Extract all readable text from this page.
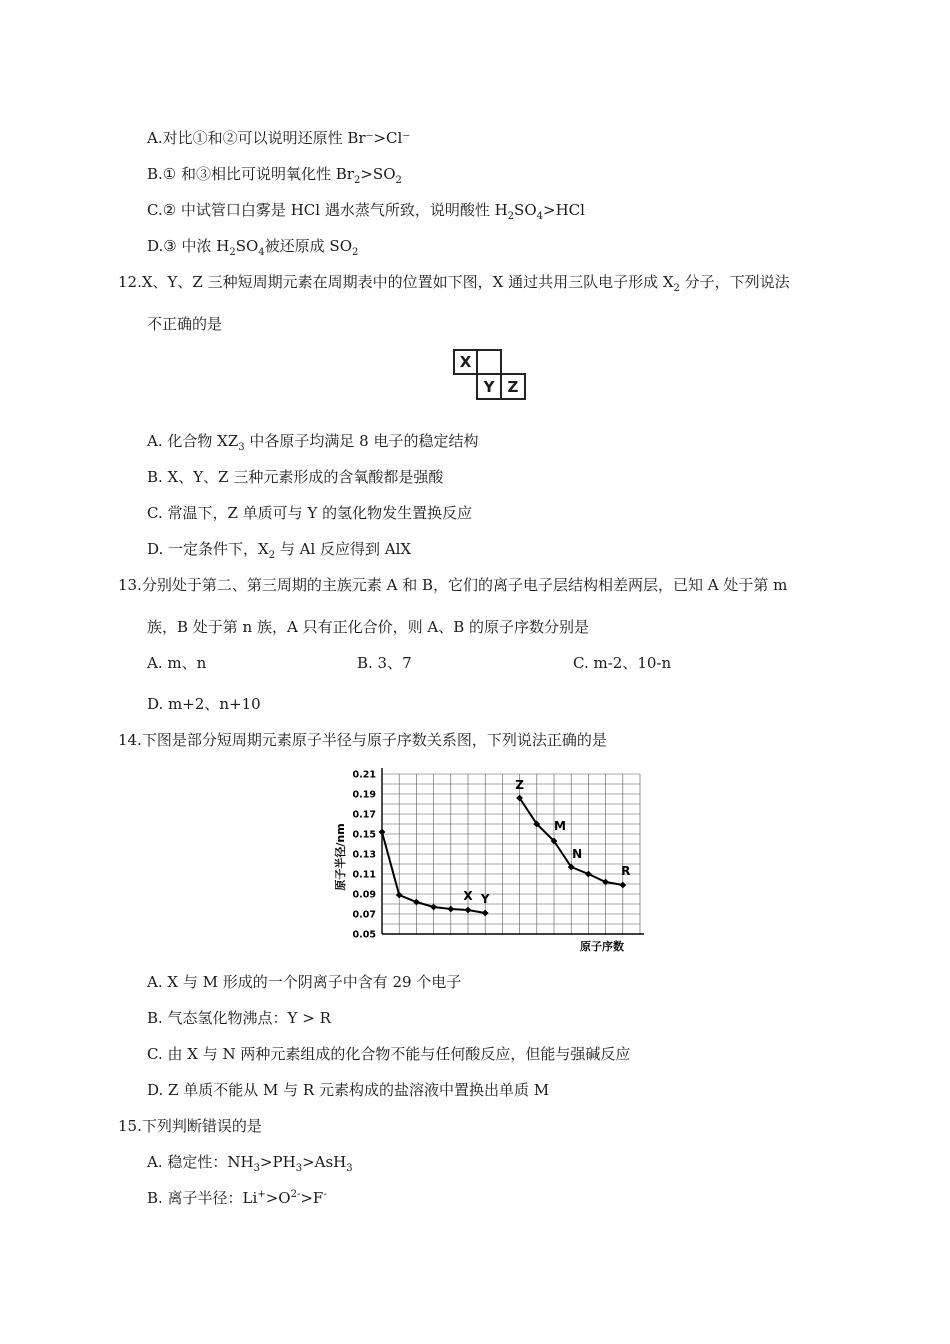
A.对比①和②可以说明还原性 Br⁻>Cl⁻
B.① 和③相比可说明氧化性 $Br_2>SO_2$
C.② 中试管口白雾是 HCl 遇水蒸气所致，说明酸性 $H_2SO_4>HCl$
D.③ 中浓 $H_2SO_4$被还原成 $SO_2$
12.X、Y、Z 三种短周期元素在周期表中的位置如下图，X 通过共用三队电子形成 $X_2$ 分子，下列说法
不正确的是
X
Y Z
A. 化合物 $XZ_3$ 中各原子均满足 8 电子的稳定结构
B. X、Y、Z 三种元素形成的含氧酸都是强酸
C. 常温下，Z 单质可与 Y 的氢化物发生置换反应
D. 一定条件下，$X_2$ 与 Al 反应得到 AlX
13.分别处于第二、第三周期的主族元素 A 和 B，它们的离子电子层结构相差两层，已知 A 处于第 m
族，B 处于第 n 族，A 只有正化合价，则 A、B 的原子序数分别是
A. m、n	B. 3、7	C. m-2、10-n
D. m+2、n+10
14.下图是部分短周期元素原子半径与原子序数关系图，下列说法正确的是
0.21
0.19
0.17
0.15
0.13
0.11
0.09
0.07
0.05
X Y
Z
M
N
R
原子半径/nm
原子序数
A. X 与 M 形成的一个阴离子中含有 29 个电子
B. 气态氢化物沸点：Y > R
C. 由 X 与 N 两种元素组成的化合物不能与任何酸反应，但能与强碱反应
D. Z 单质不能从 M 与 R 元素构成的盐溶液中置换出单质 M
15.下列判断错误的是
A. 稳定性：$NH_3>PH_3>AsH_3$
B. 离子半径：$Li^+>O^{2-}>F^-$
